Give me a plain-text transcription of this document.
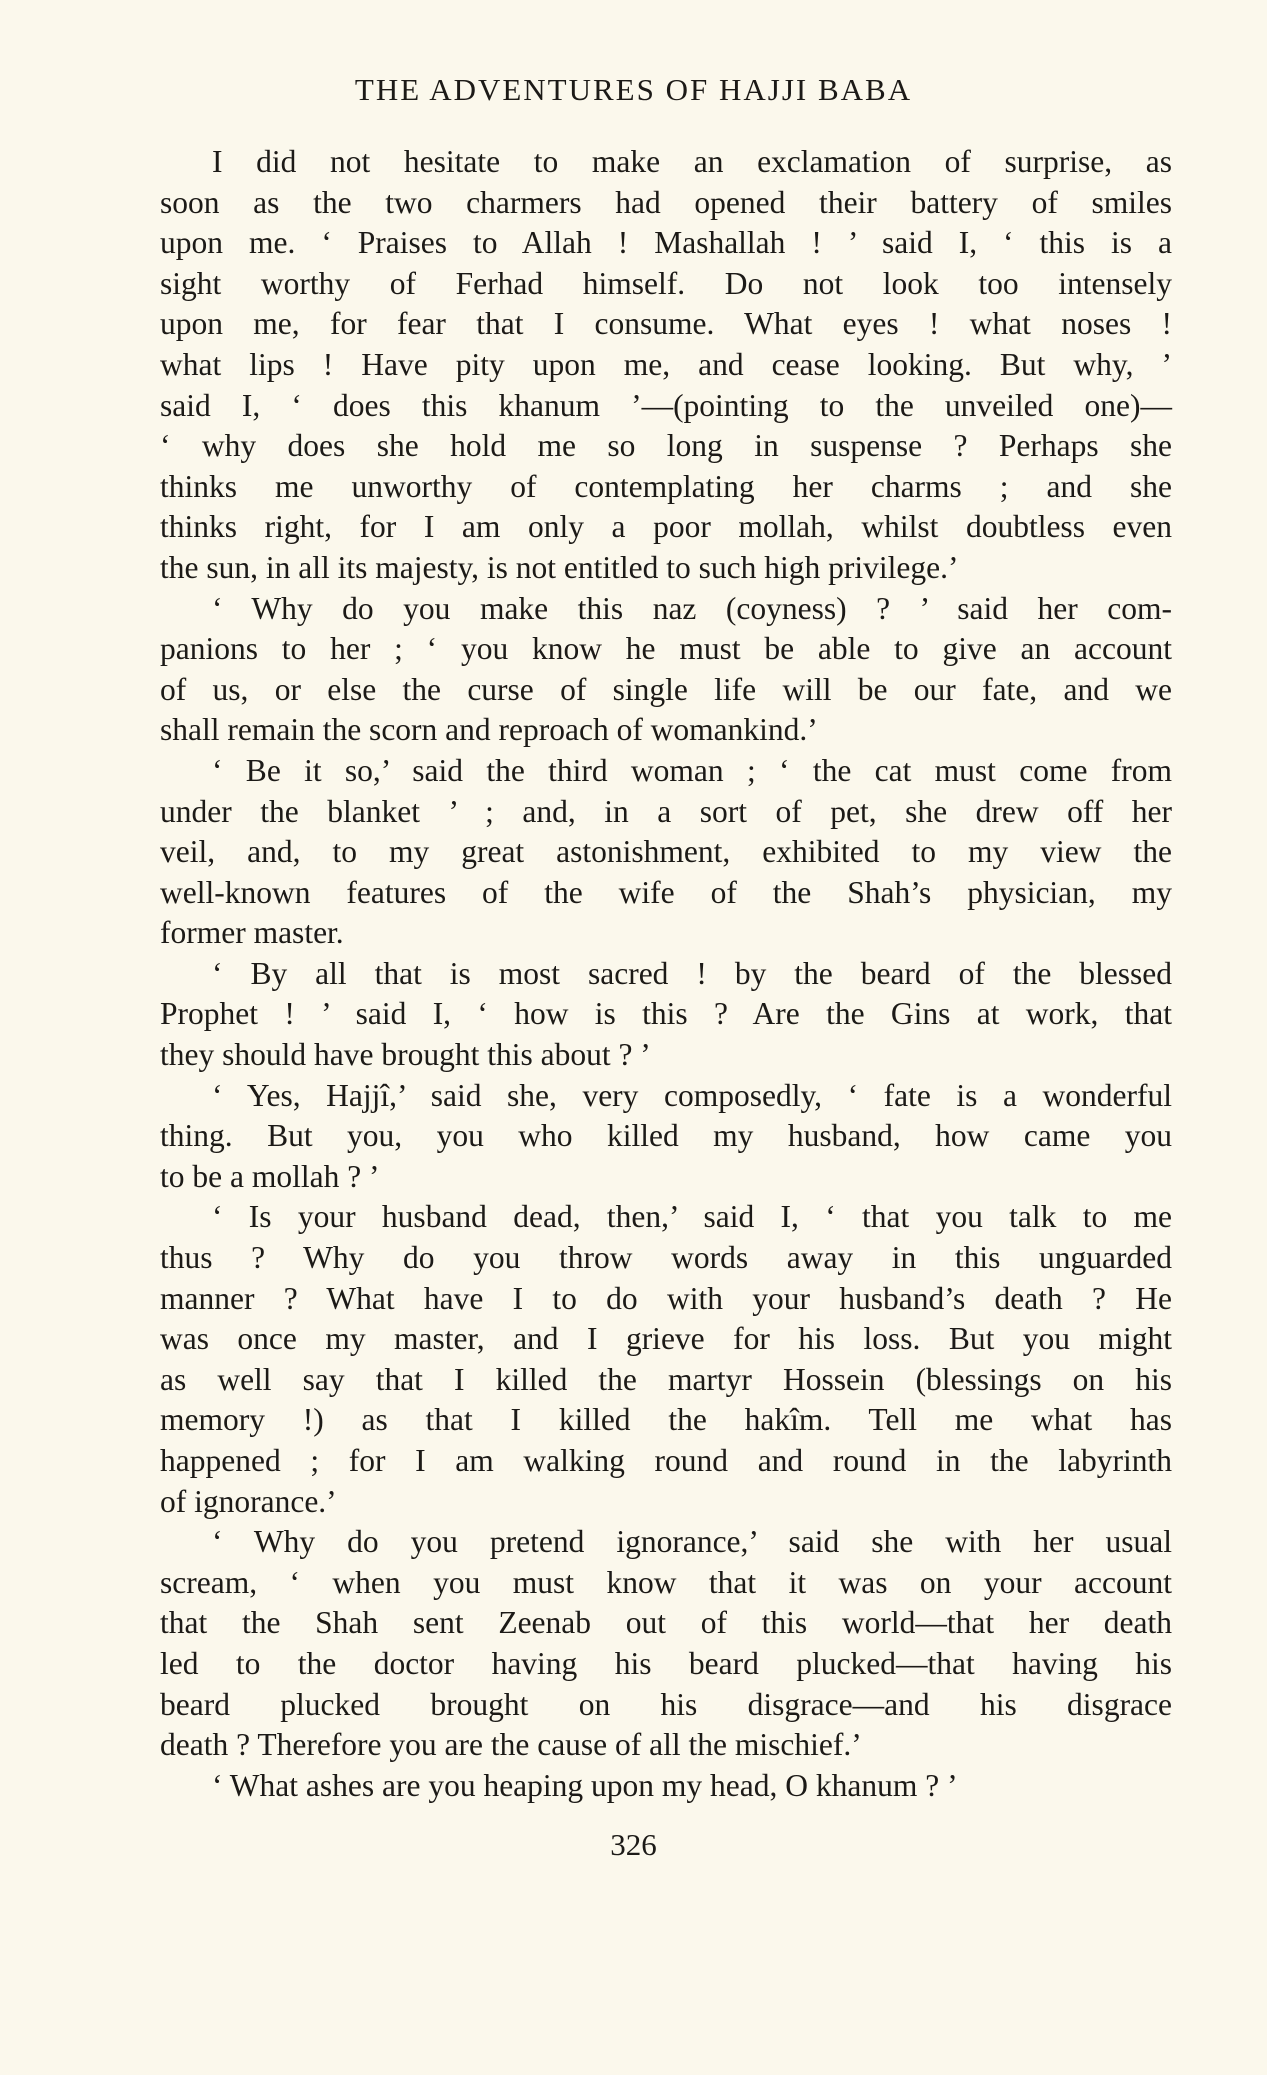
THE ADVENTURES OF HAJJI BABA
I did not hesitate to make an exclamation of surprise, as
soon as the two charmers had opened their battery of smiles
upon me. ‘ Praises to Allah ! Mashallah ! ’ said I, ‘ this is a
sight worthy of Ferhad himself. Do not look too intensely
upon me, for fear that I consume. What eyes ! what noses !
what lips ! Have pity upon me, and cease looking. But why, ’
said I, ‘ does this khanum ’—(pointing to the unveiled one)—
‘ why does she hold me so long in suspense ? Perhaps she
thinks me unworthy of contemplating her charms ; and she
thinks right, for I am only a poor mollah, whilst doubtless even
the sun, in all its majesty, is not entitled to such high privilege.’
‘ Why do you make this naz (coyness) ? ’ said her com-
panions to her ; ‘ you know he must be able to give an account
of us, or else the curse of single life will be our fate, and we
shall remain the scorn and reproach of womankind.’
‘ Be it so,’ said the third woman ; ‘ the cat must come from
under the blanket ’ ; and, in a sort of pet, she drew off her
veil, and, to my great astonishment, exhibited to my view the
well-known features of the wife of the Shah’s physician, my
former master.
‘ By all that is most sacred ! by the beard of the blessed
Prophet ! ’ said I, ‘ how is this ? Are the Gins at work, that
they should have brought this about ? ’
‘ Yes, Hajjî,’ said she, very composedly, ‘ fate is a wonderful
thing. But you, you who killed my husband, how came you
to be a mollah ? ’
‘ Is your husband dead, then,’ said I, ‘ that you talk to me
thus ? Why do you throw words away in this unguarded
manner ? What have I to do with your husband’s death ? He
was once my master, and I grieve for his loss. But you might
as well say that I killed the martyr Hossein (blessings on his
memory !) as that I killed the hakîm. Tell me what has
happened ; for I am walking round and round in the labyrinth
of ignorance.’
‘ Why do you pretend ignorance,’ said she with her usual
scream, ‘ when you must know that it was on your account
that the Shah sent Zeenab out of this world—that her death
led to the doctor having his beard plucked—that having his
beard plucked brought on his disgrace—and his disgrace
death ? Therefore you are the cause of all the mischief.’
‘ What ashes are you heaping upon my head, O khanum ? ’
326
